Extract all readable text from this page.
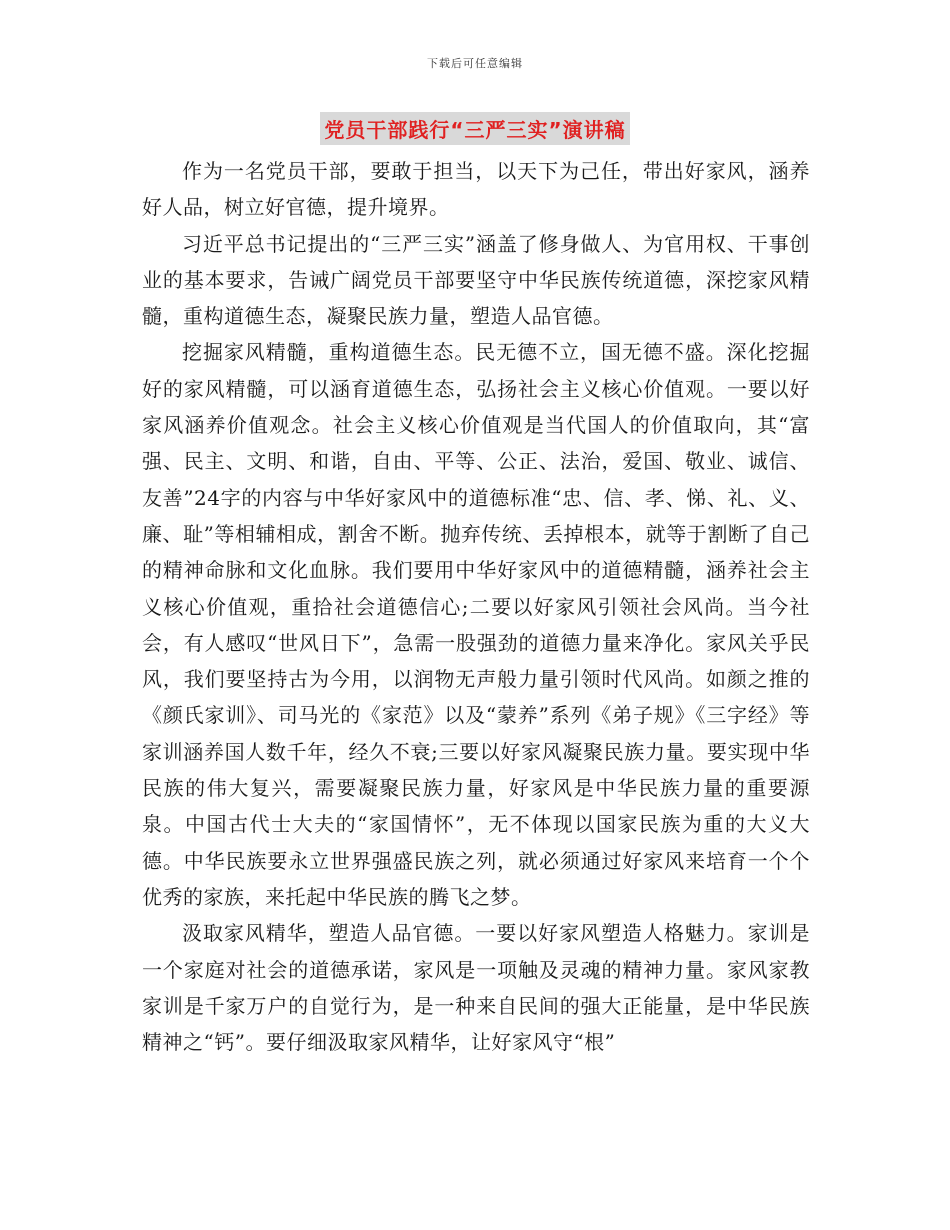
下载后可任意编辑
党员干部践行“三严三实”演讲稿

作为一名党员干部，要敢于担当，以天下为己任，带出好家风，涵养好人品，树立好官德，提升境界。

习近平总书记提出的“三严三实”涵盖了修身做人、为官用权、干事创业的基本要求，告诫广阔党员干部要坚守中华民族传统道德，深挖家风精髓，重构道德生态，凝聚民族力量，塑造人品官德。

挖掘家风精髓，重构道德生态。民无德不立，国无德不盛。深化挖掘好的家风精髓，可以涵育道德生态，弘扬社会主义核心价值观。一要以好家风涵养价值观念。社会主义核心价值观是当代国人的价值取向，其“富强、民主、文明、和谐，自由、平等、公正、法治，爱国、敬业、诚信、友善”24字的内容与中华好家风中的道德标准“忠、信、孝、悌、礼、义、廉、耻”等相辅相成，割舍不断。抛弃传统、丢掉根本，就等于割断了自己的精神命脉和文化血脉。我们要用中华好家风中的道德精髓，涵养社会主义核心价值观，重拾社会道德信心;二要以好家风引领社会风尚。当今社会，有人感叹“世风日下”，急需一股强劲的道德力量来净化。家风关乎民风，我们要坚持古为今用，以润物无声般力量引领时代风尚。如颜之推的《颜氏家训》、司马光的《家范》以及“蒙养”系列《弟子规》《三字经》等家训涵养国人数千年，经久不衰;三要以好家风凝聚民族力量。要实现中华民族的伟大复兴，需要凝聚民族力量，好家风是中华民族力量的重要源泉。中国古代士大夫的“家国情怀”，无不体现以国家民族为重的大义大德。中华民族要永立世界强盛民族之列，就必须通过好家风来培育一个个优秀的家族，来托起中华民族的腾飞之梦。

汲取家风精华，塑造人品官德。一要以好家风塑造人格魅力。家训是一个家庭对社会的道德承诺，家风是一项触及灵魂的精神力量。家风家教家训是千家万户的自觉行为，是一种来自民间的强大正能量，是中华民族精神之“钙”。要仔细汲取家风精华，让好家风守“根”
